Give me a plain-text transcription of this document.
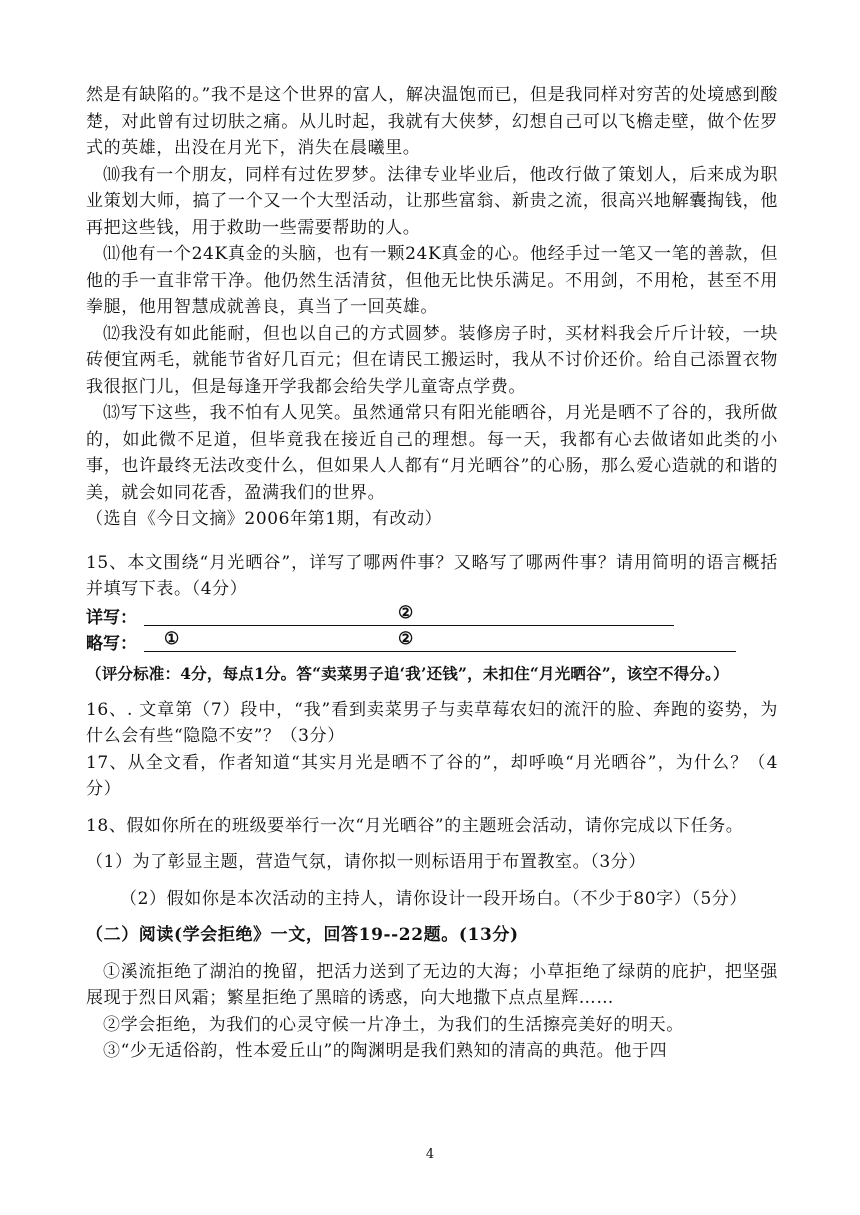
然是有缺陷的。”我不是这个世界的富人，解决温饱而已，但是我同样对穷苦的处境感到酸楚，对此曾有过切肤之痛。从儿时起，我就有大侠梦，幻想自己可以飞檐走壁，做个佐罗式的英雄，出没在月光下，消失在晨曦里。

⑽我有一个朋友，同样有过佐罗梦。法律专业毕业后，他改行做了策划人，后来成为职业策划大师，搞了一个又一个大型活动，让那些富翁、新贵之流，很高兴地解囊掏钱，他再把这些钱，用于救助一些需要帮助的人。

⑾他有一个24K真金的头脑，也有一颗24K真金的心。他经手过一笔又一笔的善款，但他的手一直非常干净。他仍然生活清贫，但他无比快乐满足。不用剑，不用枪，甚至不用拳腿，他用智慧成就善良，真当了一回英雄。

⑿我没有如此能耐，但也以自己的方式圆梦。装修房子时，买材料我会斤斤计较，一块砖便宜两毛，就能节省好几百元；但在请民工搬运时，我从不讨价还价。给自己添置衣物我很抠门儿，但是每逢开学我都会给失学儿童寄点学费。

⒀写下这些，我不怕有人见笑。虽然通常只有阳光能晒谷，月光是晒不了谷的，我所做的，如此微不足道，但毕竟我在接近自己的理想。每一天，我都有心去做诸如此类的小事，也许最终无法改变什么，但如果人人都有“月光晒谷”的心肠，那么爱心造就的和谐的美，就会如同花香，盈满我们的世界。

（选自《今日文摘》2006年第1期，有改动）

15、本文围绕“月光晒谷”，详写了哪两件事？又略写了哪两件事？请用简明的语言概括并填写下表。（4分）

详写：	②
略写： ①	②

（评分标准：4分，每点1分。答“卖菜男子追‘我’还钱”，未扣住“月光晒谷”，该空不得分。）

16、. 文章第（7）段中，“我”看到卖菜男子与卖草莓农妇的流汗的脸、奔跑的姿势，为什么会有些“隐隐不安”？（3分）

17、从全文看，作者知道“其实月光是晒不了谷的”，却呼唤“月光晒谷”，为什么？（4分）

18、假如你所在的班级要举行一次“月光晒谷”的主题班会活动，请你完成以下任务。

（1）为了彰显主题，营造气氛，请你拟一则标语用于布置教室。（3分）

（2）假如你是本次活动的主持人，请你设计一段开场白。（不少于80字）（5分）

（二）阅读(学会拒绝》一文，回答19--22题。(13分)

①溪流拒绝了湖泊的挽留，把活力送到了无边的大海；小草拒绝了绿荫的庇护，把坚强展现于烈日风霜；繁星拒绝了黑暗的诱惑，向大地撒下点点星辉……

②学会拒绝，为我们的心灵守候一片净土，为我们的生活擦亮美好的明天。

③“少无适俗韵，性本爱丘山”的陶渊明是我们熟知的清高的典范。他于四

4
